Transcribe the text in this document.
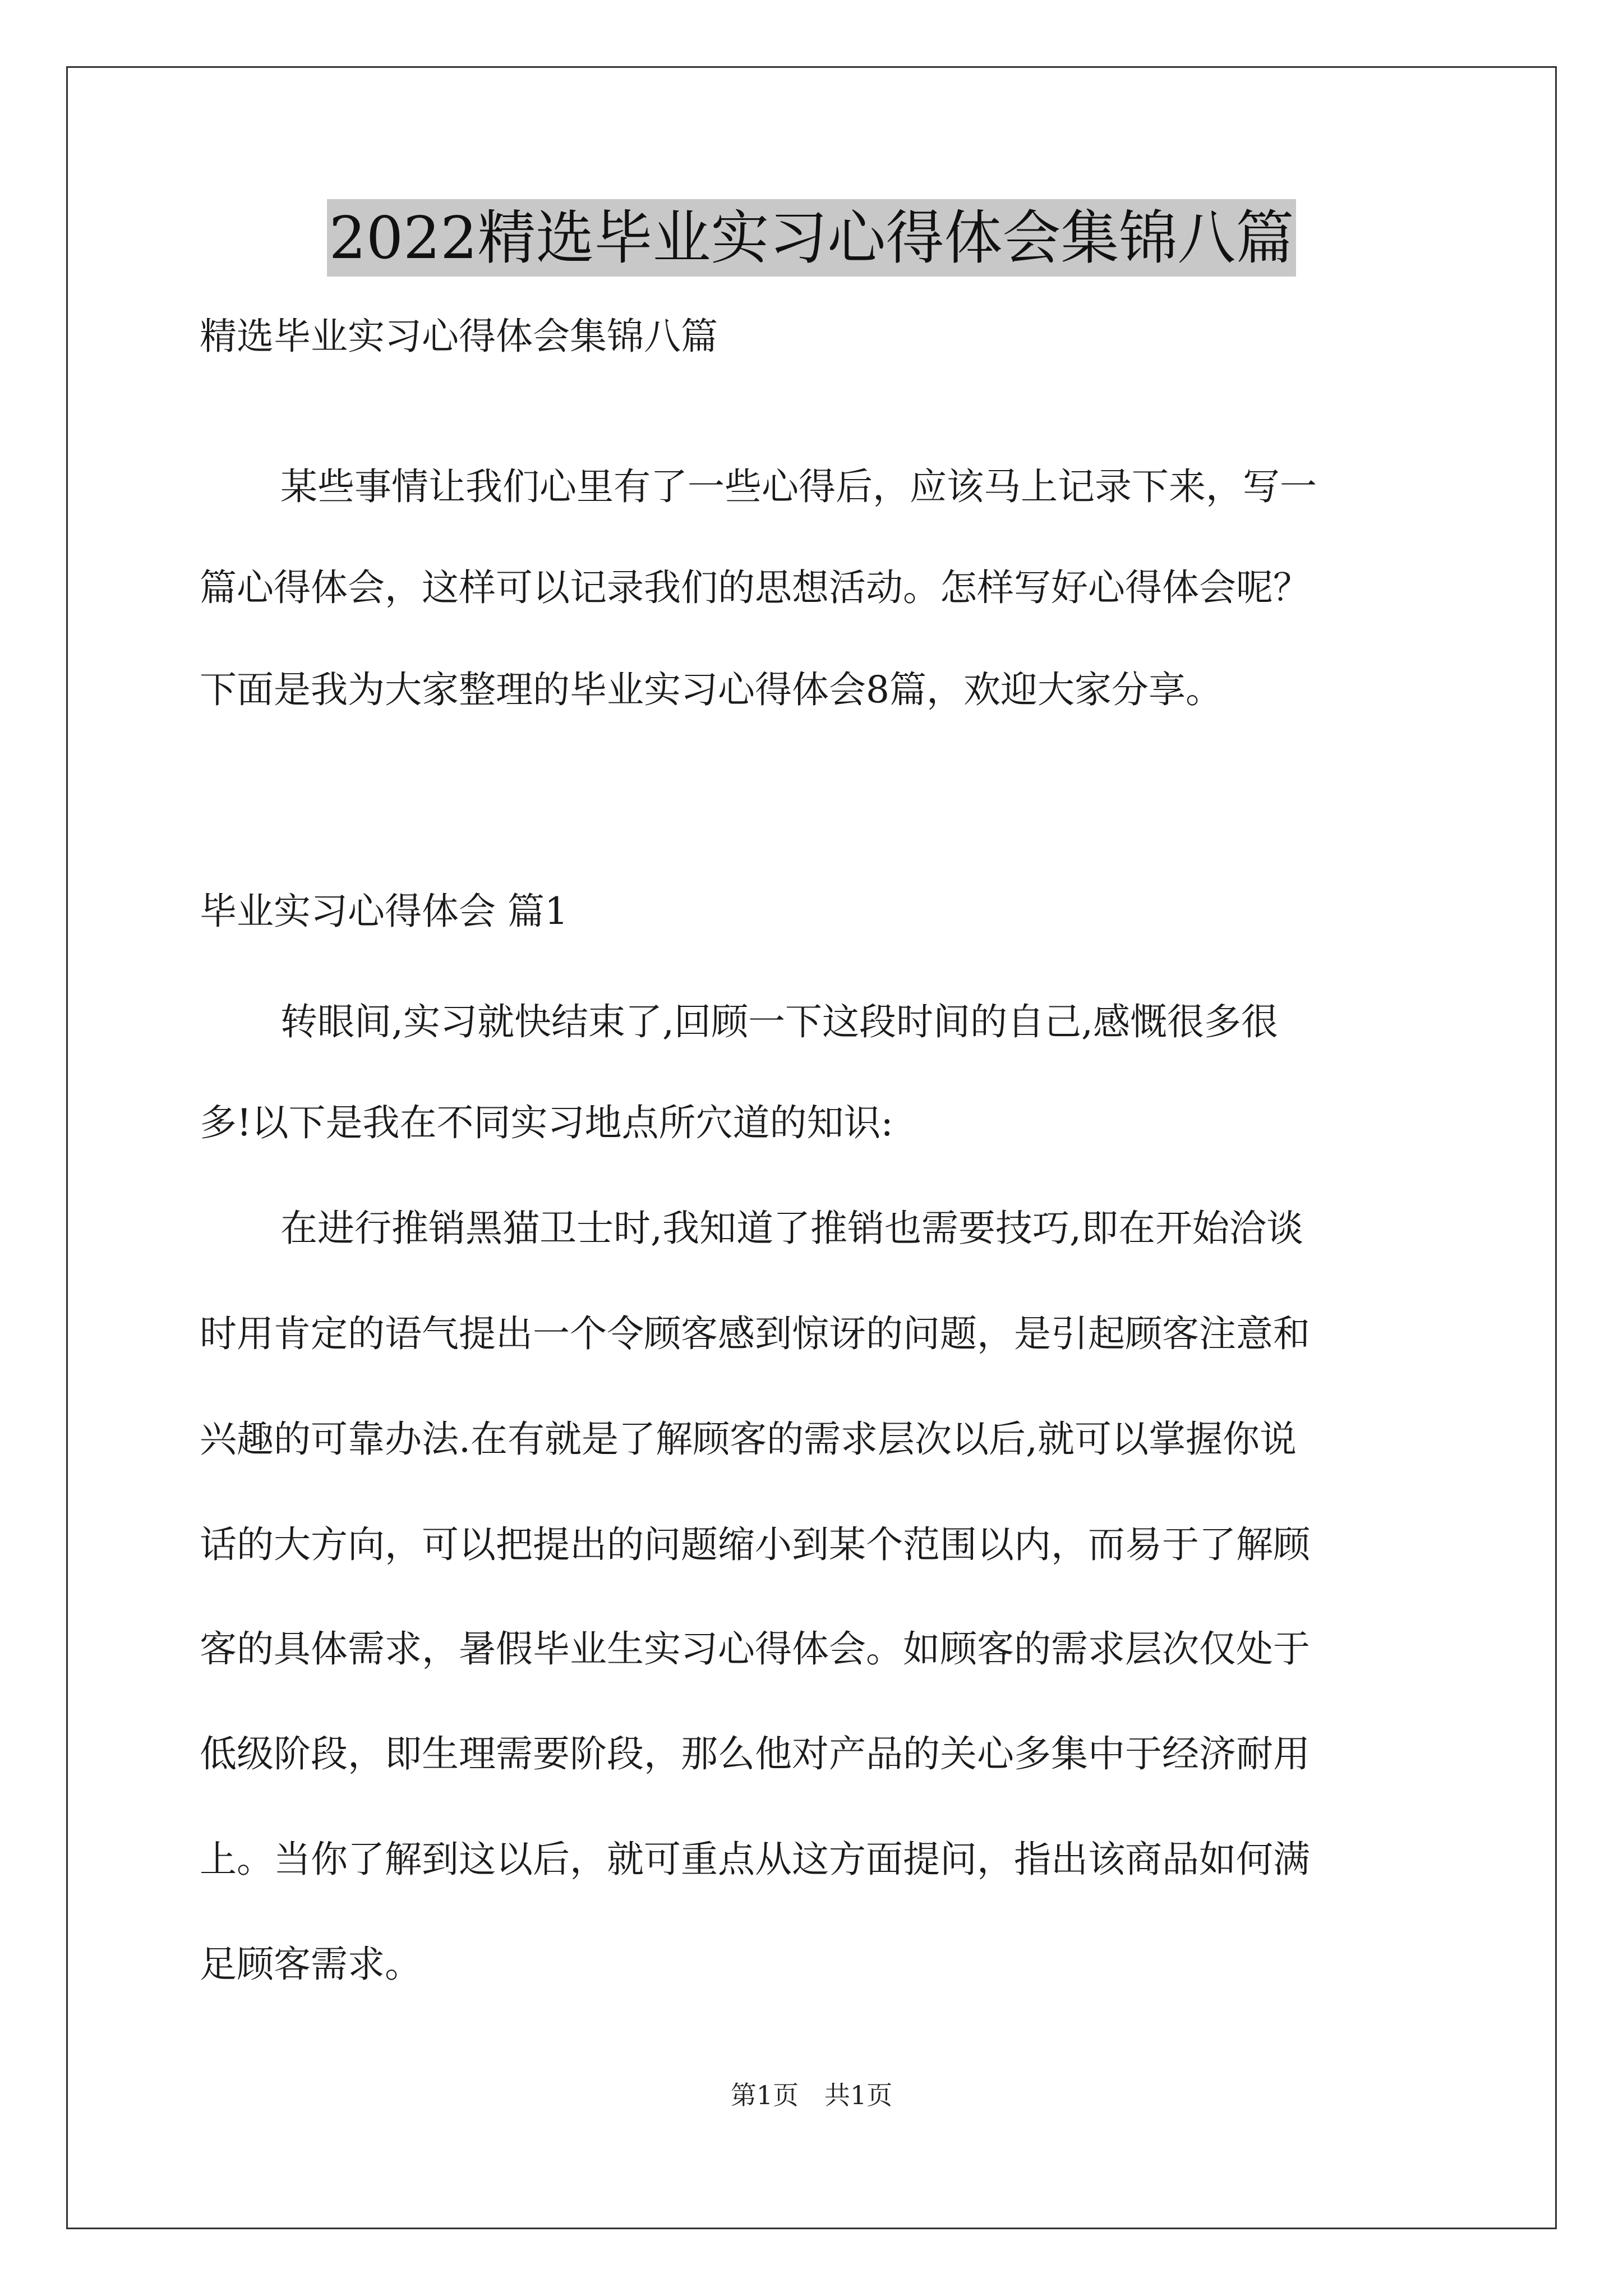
2022精选毕业实习心得体会集锦八篇
精选毕业实习心得体会集锦八篇
某些事情让我们心里有了一些心得后，应该马上记录下来，写一
篇心得体会，这样可以记录我们的思想活动。怎样写好心得体会呢？
下面是我为大家整理的毕业实习心得体会8篇，欢迎大家分享。
毕业实习心得体会 篇1
转眼间,实习就快结束了,回顾一下这段时间的自己,感慨很多很
多!以下是我在不同实习地点所穴道的知识:
在进行推销黑猫卫士时,我知道了推销也需要技巧,即在开始洽谈
时用肯定的语气提出一个令顾客感到惊讶的问题，是引起顾客注意和
兴趣的可靠办法.在有就是了解顾客的需求层次以后,就可以掌握你说
话的大方向，可以把提出的问题缩小到某个范围以内，而易于了解顾
客的具体需求，暑假毕业生实习心得体会。如顾客的需求层次仅处于
低级阶段，即生理需要阶段，那么他对产品的关心多集中于经济耐用
上。当你了解到这以后，就可重点从这方面提问，指出该商品如何满
足顾客需求。
第1页　共1页
